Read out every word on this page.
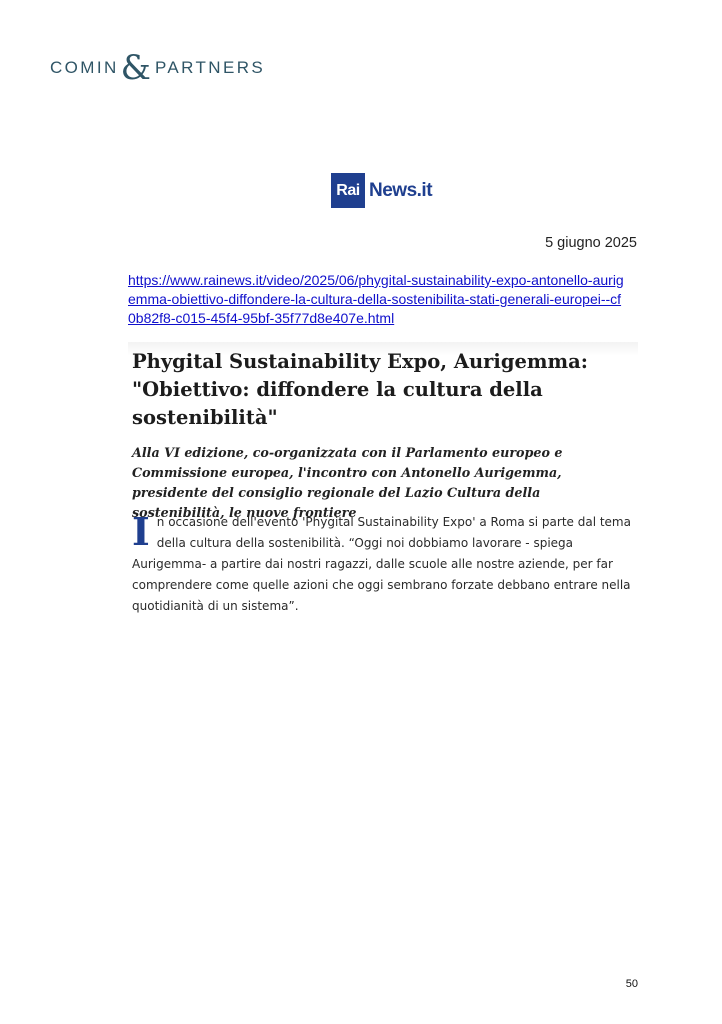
COMIN & PARTNERS
Rai News.it
5 giugno 2025
https://www.rainews.it/video/2025/06/phygital-sustainability-expo-antonello-aurigemma-obiettivo-diffondere-la-cultura-della-sostenibilita-stati-generali-europei--cf0b82f8-c015-45f4-95bf-35f77d8e407e.html
Phygital Sustainability Expo, Aurigemma: "Obiettivo: diffondere la cultura della sostenibilità"

Alla VI edizione, co-organizzata con il Parlamento europeo e Commissione europea, l'incontro con Antonello Aurigemma, presidente del consiglio regionale del Lazio Cultura della sostenibilità, le nuove frontiere

In occasione dell'evento 'Phygital Sustainability Expo' a Roma si parte dal tema della cultura della sostenibilità. “Oggi noi dobbiamo lavorare - spiega Aurigemma- a partire dai nostri ragazzi, dalle scuole alle nostre aziende, per far comprendere come quelle azioni che oggi sembrano forzate debbano entrare nella quotidianità di un sistema”.

50
